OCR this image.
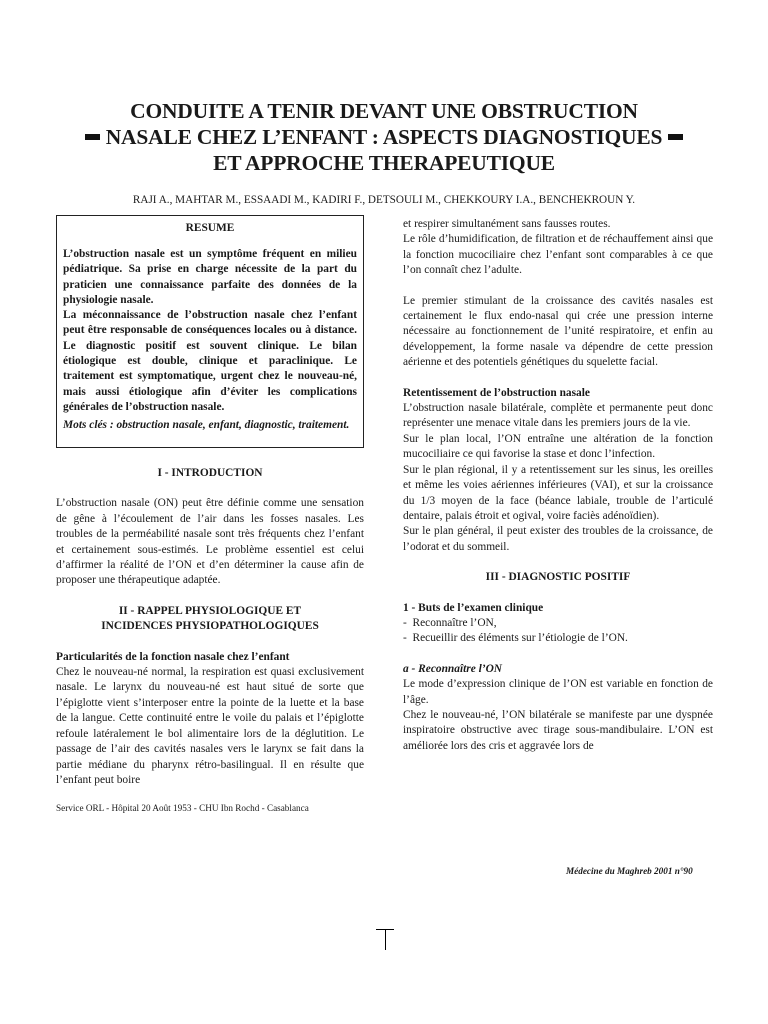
CONDUITE A TENIR DEVANT UNE OBSTRUCTION
NASALE CHEZ L’ENFANT : ASPECTS DIAGNOSTIQUES
ET APPROCHE THERAPEUTIQUE
RAJI A., MAHTAR M., ESSAADI M., KADIRI F., DETSOULI M., CHEKKOURY I.A., BENCHEKROUN Y.
RESUME

L’obstruction nasale est un symptôme fréquent en milieu pédiatrique. Sa prise en charge nécessite de la part du praticien une connaissance parfaite des données de la physiologie nasale.

La méconnaissance de l’obstruction nasale chez l’enfant peut être responsable de conséquences locales ou à distance. Le diagnostic positif est souvent clinique. Le bilan étiologique est double, clinique et paraclinique. Le traitement est symptomatique, urgent chez le nouveau-né, mais aussi étiologique afin d’éviter les complications générales de l’obstruction nasale.

Mots clés : obstruction nasale, enfant, diagnostic, traitement.
I - INTRODUCTION

L’obstruction nasale (ON) peut être définie comme une sensation de gêne à l’écoulement de l’air dans les fosses nasales. Les troubles de la perméabilité nasale sont très fréquents chez l’enfant et certainement sous-estimés. Le problème essentiel est celui d’affirmer la réalité de l’ON et d’en déterminer la cause afin de proposer une thérapeutique adaptée.

II - RAPPEL PHYSIOLOGIQUE ET
INCIDENCES PHYSIOPATHOLOGIQUES
Particularités de la fonction nasale chez l’enfant

Chez le nouveau-né normal, la respiration est quasi exclusivement nasale. Le larynx du nouveau-né est haut situé de sorte que l’épiglotte vient s’interposer entre la pointe de la luette et la base de la langue. Cette continuité entre le voile du palais et l’épiglotte refoule latéralement le bol alimentaire lors de la déglutition. Le passage de l’air des cavités nasales vers le larynx se fait dans la partie médiane du pharynx rétro-basilingual. Il en résulte que l’enfant peut boire

et respirer simultanément sans fausses routes.

Le rôle d’humidification, de filtration et de réchauffement ainsi que la fonction mucociliaire chez l’enfant sont comparables à ce que l’on connaît chez l’adulte.

Le premier stimulant de la croissance des cavités nasales est certainement le flux endo-nasal qui crée une pression interne nécessaire au fonctionnement de l’unité respiratoire, et enfin au développement, la forme nasale va dépendre de cette pression aérienne et des potentiels génétiques du squelette facial.

Retentissement de l’obstruction nasale

L’obstruction nasale bilatérale, complète et permanente peut donc représenter une menace vitale dans les premiers jours de la vie.

Sur le plan local, l’ON entraîne une altération de la fonction mucociliaire ce qui favorise la stase et donc l’infection.

Sur le plan régional, il y a retentissement sur les sinus, les oreilles et même les voies aériennes inférieures (VAI), et sur la croissance du 1/3 moyen de la face (béance labiale, trouble de l’articulé dentaire, palais étroit et ogival, voire faciès adénoïdien).

Sur le plan général, il peut exister des troubles de la croissance, de l’odorat et du sommeil.

III - DIAGNOSTIC POSITIF
1 - Buts de l’examen clinique
-  Reconnaître l’ON,
-  Recueillir des éléments sur l’étiologie de l’ON.
a - Reconnaître l’ON

Le mode d’expression clinique de l’ON est variable en fonction de l’âge.

Chez le nouveau-né, l’ON bilatérale se manifeste par une dyspnée inspiratoire obstructive avec tirage sous-mandibulaire. L’ON est améliorée lors des cris et aggravée lors de

Service ORL - Hôpital 20 Août 1953 - CHU Ibn Rochd - Casablanca
Médecine du Maghreb 2001 n°90
